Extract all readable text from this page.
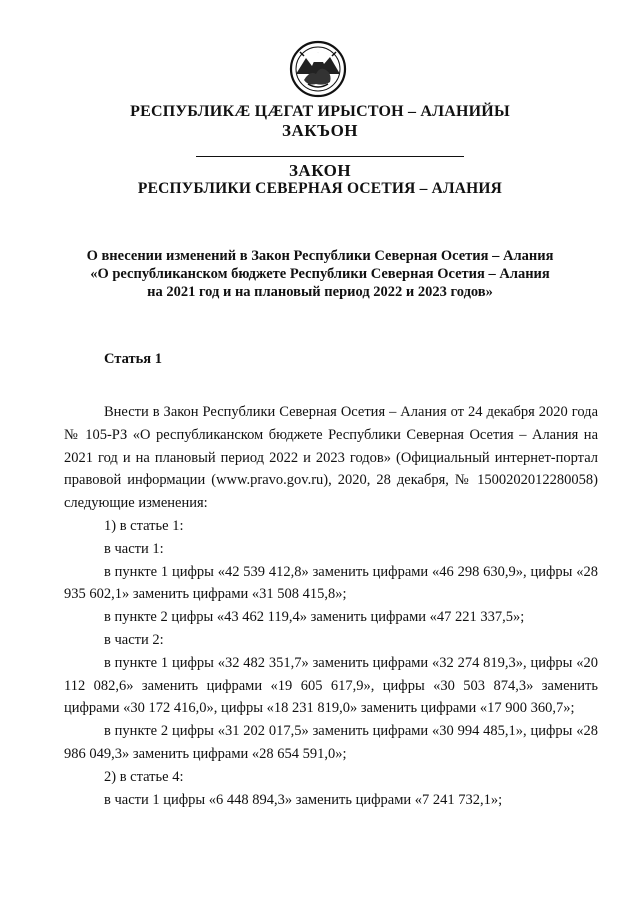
РЕСПУБЛИКÆ ЦÆГАТ ИРЫСТОН – АЛАНИЙЫ
ЗАКЪОН
ЗАКОН
РЕСПУБЛИКИ СЕВЕРНАЯ ОСЕТИЯ – АЛАНИЯ
О внесении изменений в Закон Республики Северная Осетия – Алания
«О республиканском бюджете Республики Северная Осетия – Алания
на 2021 год и на плановый период 2022 и 2023 годов»
Статья 1

Внести в Закон Республики Северная Осетия – Алания от 24 декабря 2020 года № 105-РЗ «О республиканском бюджете Республики Северная Осетия – Алания на 2021 год и на плановый период 2022 и 2023 годов» (Официальный интернет-портал правовой информации (www.pravo.gov.ru), 2020, 28 декабря, № 1500202012280058) следующие изменения:

1) в статье 1:

в части 1:

в пункте 1 цифры «42 539 412,8» заменить цифрами «46 298 630,9», цифры «28 935 602,1» заменить цифрами «31 508 415,8»;

в пункте 2 цифры «43 462 119,4» заменить цифрами «47 221 337,5»;

в части 2:

в пункте 1 цифры «32 482 351,7» заменить цифрами «32 274 819,3», цифры «20 112 082,6» заменить цифрами «19 605 617,9», цифры «30 503 874,3» заменить цифрами «30 172 416,0», цифры «18 231 819,0» заменить цифрами «17 900 360,7»;

в пункте 2 цифры «31 202 017,5» заменить цифрами «30 994 485,1», цифры «28 986 049,3» заменить цифрами «28 654 591,0»;

2) в статье 4:

в части 1 цифры «6 448 894,3» заменить цифрами «7 241 732,1»;
